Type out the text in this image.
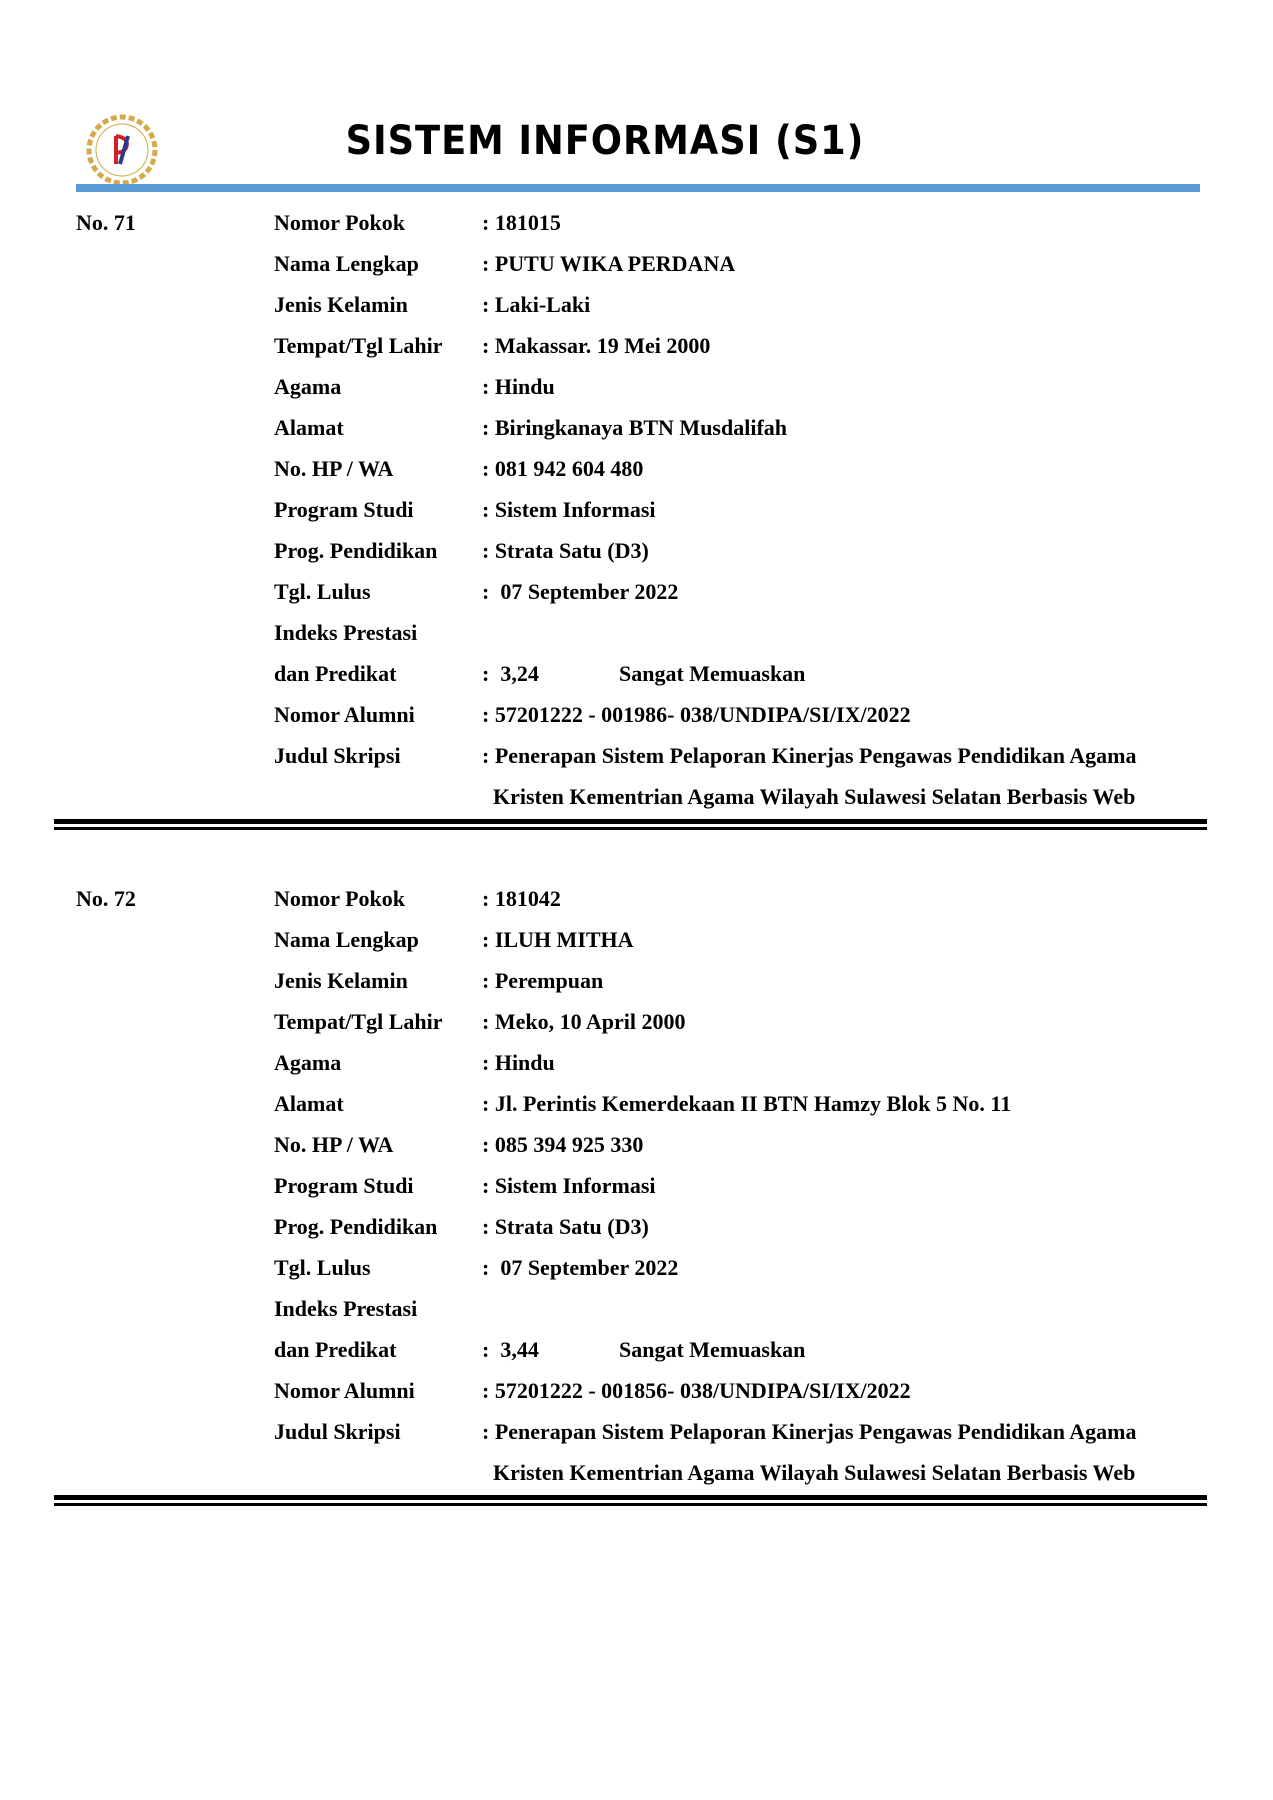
SISTEM INFORMASI (S1)
No. 71	Nomor Pokok	: 181015
Nama Lengkap	: PUTU WIKA PERDANA
Jenis Kelamin	: Laki-Laki
Tempat/Tgl Lahir : Makassar. 19 Mei 2000
Agama	: Hindu
Alamat	: Biringkanaya BTN Musdalifah
No. HP / WA	: 081 942 604 480
Program Studi	: Sistem Informasi
Prog. Pendidikan : Strata Satu (D3)
Tgl. Lulus	:  07 September 2022
Indeks Prestasi
dan Predikat	:  3,24	Sangat Memuaskan
Nomor Alumni	: 57201222 - 001986- 038/UNDIPA/SI/IX/2022
Judul Skripsi	: Penerapan Sistem Pelaporan Kinerjas Pengawas Pendidikan Agama
Kristen Kementrian Agama Wilayah Sulawesi Selatan Berbasis Web
No. 72	Nomor Pokok	: 181042
Nama Lengkap	: ILUH MITHA
Jenis Kelamin	: Perempuan
Tempat/Tgl Lahir : Meko, 10 April 2000
Agama	: Hindu
Alamat	: Jl. Perintis Kemerdekaan II BTN Hamzy Blok 5 No. 11
No. HP / WA	: 085 394 925 330
Program Studi	: Sistem Informasi
Prog. Pendidikan : Strata Satu (D3)
Tgl. Lulus	:  07 September 2022
Indeks Prestasi
dan Predikat	:  3,44	Sangat Memuaskan
Nomor Alumni	: 57201222 - 001856- 038/UNDIPA/SI/IX/2022
Judul Skripsi	: Penerapan Sistem Pelaporan Kinerjas Pengawas Pendidikan Agama
Kristen Kementrian Agama Wilayah Sulawesi Selatan Berbasis Web
